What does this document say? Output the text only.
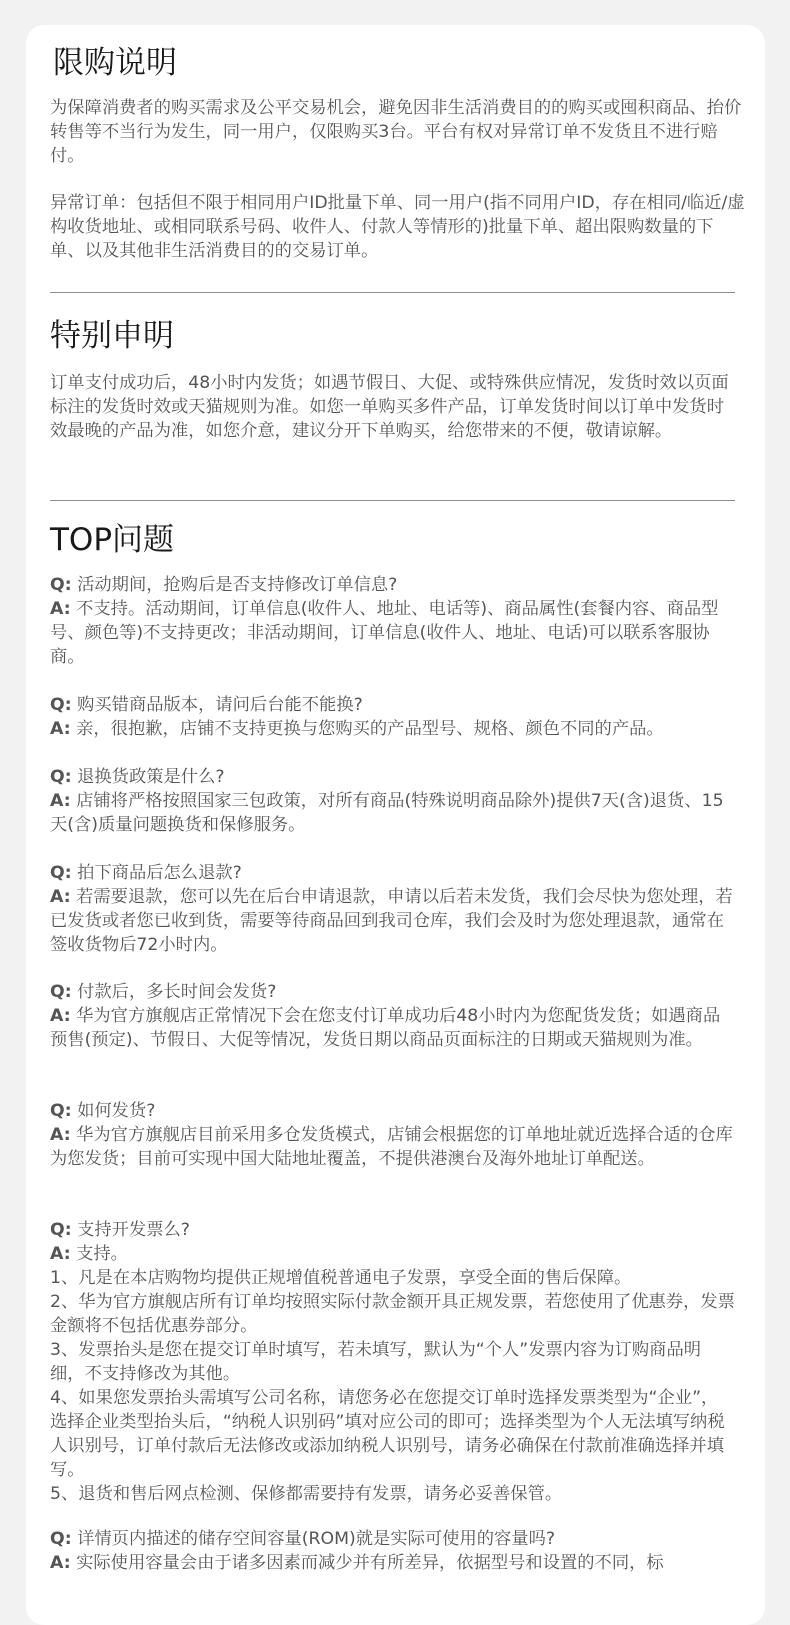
限购说明

为保障消费者的购买需求及公平交易机会，避免因非生活消费目的的购买或囤积商品、抬价转售等不当行为发生，同一用户，仅限购买3台。平台有权对异常订单不发货且不进行赔付。

异常订单：包括但不限于相同用户ID批量下单、同一用户(指不同用户ID，存在相同/临近/虚构收货地址、或相同联系号码、收件人、付款人等情形的)批量下单、超出限购数量的下单、以及其他非生活消费目的的交易订单。

特别申明

订单支付成功后，48小时内发货；如遇节假日、大促、或特殊供应情况，发货时效以页面标注的发货时效或天猫规则为准。如您一单购买多件产品，订单发货时间以订单中发货时效最晚的产品为准，如您介意，建议分开下单购买，给您带来的不便，敬请谅解。

TOP问题

Q: 活动期间，抢购后是否支持修改订单信息?

A: 不支持。活动期间，订单信息(收件人、地址、电话等)、商品属性(套餐内容、商品型号、颜色等)不支持更改；非活动期间，订单信息(收件人、地址、电话)可以联系客服协商。

Q: 购买错商品版本，请问后台能不能换?

A: 亲，很抱歉，店铺不支持更换与您购买的产品型号、规格、颜色不同的产品。

Q: 退换货政策是什么?

A: 店铺将严格按照国家三包政策，对所有商品(特殊说明商品除外)提供7天(含)退货、15天(含)质量问题换货和保修服务。

Q: 拍下商品后怎么退款?

A: 若需要退款，您可以先在后台申请退款，申请以后若未发货，我们会尽快为您处理，若已发货或者您已收到货，需要等待商品回到我司仓库，我们会及时为您处理退款，通常在签收货物后72小时内。

Q: 付款后，多长时间会发货?

A: 华为官方旗舰店正常情况下会在您支付订单成功后48小时内为您配货发货；如遇商品预售(预定)、节假日、大促等情况，发货日期以商品页面标注的日期或天猫规则为准。

Q: 如何发货?

A: 华为官方旗舰店目前采用多仓发货模式，店铺会根据您的订单地址就近选择合适的仓库为您发货；目前可实现中国大陆地址覆盖，不提供港澳台及海外地址订单配送。

Q: 支持开发票么?

A: 支持。

1、凡是在本店购物均提供正规增值税普通电子发票，享受全面的售后保障。

2、华为官方旗舰店所有订单均按照实际付款金额开具正规发票，若您使用了优惠券，发票金额将不包括优惠券部分。

3、发票抬头是您在提交订单时填写，若未填写，默认为“个人”发票内容为订购商品明细，不支持修改为其他。

4、如果您发票抬头需填写公司名称，请您务必在您提交订单时选择发票类型为“企业”，选择企业类型抬头后，“纳税人识别码”填对应公司的即可；选择类型为个人无法填写纳税人识别号，订单付款后无法修改或添加纳税人识别号，请务必确保在付款前准确选择并填写。

5、退货和售后网点检测、保修都需要持有发票，请务必妥善保管。

Q: 详情页内描述的储存空间容量(ROM)就是实际可使用的容量吗?

A: 实际使用容量会由于诸多因素而减少并有所差异，依据型号和设置的不同，标
